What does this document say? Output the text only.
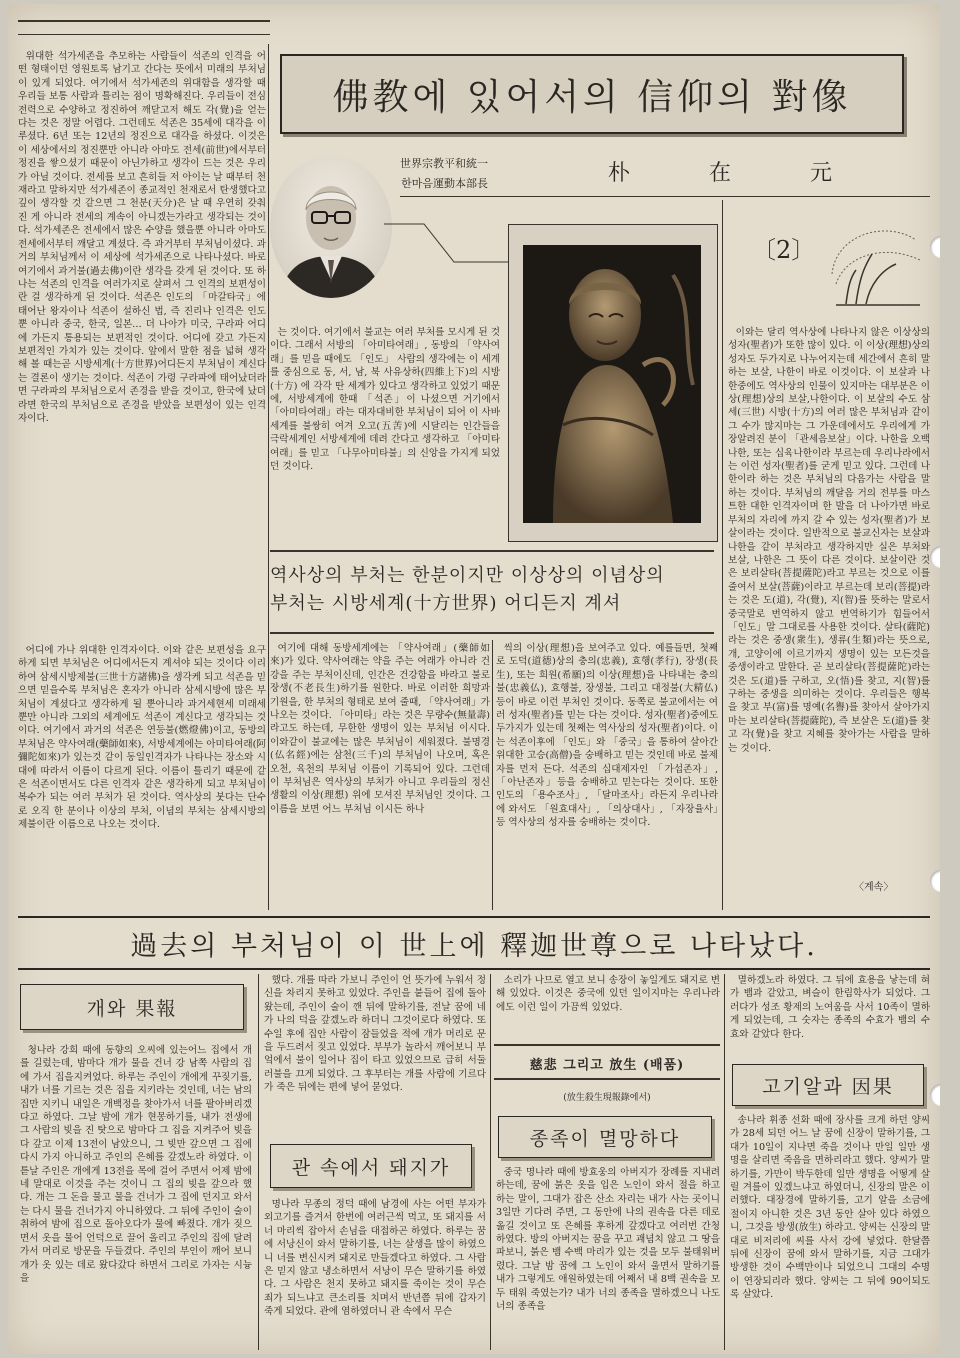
위대한 석가세존을 추모하는 사람들이 석존의 인격을 어떤 형태이던 영원토록 남기고 간다는 뜻에서 미래의 부처님이 있게 되었다. 여기에서 석가세존의 위대함을 생각할 때 우리들 보통 사람과 틀리는 점이 명확해진다. 우리들이 전심전력으로 수양하고 정진하여 깨닫고저 해도 각(覺)을 얻는다는 것은 정말 어렵다. 그런데도 석존은 35세에 대각을 이루셨다. 6년 또는 12년의 정진으로 대각을 하셨다. 이것은 이 세상에서의 정진뿐만 아니라 아마도 전세(前世)에서부터 정진을 쌓으셨기 때문이 아닌가하고 생각이 드는 것은 우리가 아닐 것이다. 전세를 보고 흔히들 저 아이는 날 때부터 천재라고 말하지만 석가세존이 종교적인 천재로서 탄생했다고 깊이 생각할 것 같으면 그 천분(天分)은 날 때 우연히 갖춰진 게 아니라 전세의 계속이 아니겠는가라고 생각되는 것이다. 석가세존은 전세에서 많은 수양을 했을뿐 아니라 아마도 전세에서부터 깨달고 계셨다. 즉 과거부터 부처님이셨다. 과거의 부처님께서 이 세상에 석가세존으로 나타나셨다. 바로 여기에서 과거불(過去佛)이란 생각을 갖게 된 것이다. 또 하나는 석존의 인격을 여러가지로 살펴서 그 인격의 보편성이란 걸 생각하게 된 것이다. 석존은 인도의 「마갈타국」에 태어난 왕자이나 석존이 설하신 법, 즉 진리나 인격은 인도뿐 아니라 중국, 한국, 일본… 더 나아가 미국, 구라파 어디에 가든지 통용되는 보편적인 것이다. 어디에 갖고 가든지 보편적인 가치가 있는 것이다. 앞에서 말한 점을 넓혀 생각해 볼 때는곧 시방세계(十方世界)어디든지 부처님이 계신다는 결론이 생기는 것이다. 석존이 가령 구라파에 태어났더라면 구라파의 부처님으로서 존경을 받을 것이고, 한국에 났더라면 한국의 부처님으로 존경을 받았을 보편성이 있는 인격자이다.

佛教에 있어서의 信仰의 對像
世界宗教平和統一
한마음運動本部長	朴 在 元
〔2〕

는 것이다. 여기에서 불교는 여러 부처를 모시게 된 것이다. 그래서 서방의 「아미타여래」, 동방의 「약사여래」를 믿을 때에도 「인도」 사람의 생각에는 이 세계를 중심으로 동, 서, 남, 북 사유상하(四維上下)의 시방(十方) 에 각각 딴 세계가 있다고 생각하고 있었기 때문에, 서방세계에 한때 「석존」이 나셨으면 거기에서 「아미타여래」라는 대자대비한 부처님이 되어 이 사바세계를 불쌍히 여겨 오고(五苦)에 시달리는 인간들을 극락세계인 서방세계에 데려 간다고 생각하고 「아미타여래」를 믿고 「나무아미타불」의 신앙을 가지게 되었던 것이다.

역사상의 부처는 한분이지만 이상상의 이념상의
부처는 시방세계(十方世界) 어디든지 계셔

이와는 달리 역사상에 나타나지 않은 이상상의 성자(聖者)가 또한 많이 있다. 이 이상(理想)상의 성자도 두가지로 나누어지는데 세간에서 흔히 말하는 보살, 나한이 바로 이것이다. 이 보살과 나한중에도 역사상의 인물이 있지마는 대부분은 이상(理想)상의 보살,나한이다. 이 보살의 수도 삼세(三世) 시방(十方)의 여러 많은 부처님과 같이 그 수가 많지마는 그 가운데에서도 우리에게 가장알려진 분이 「관세음보살」이다. 나한을 오백나한, 또는 십육나한이라 부르는데 우리나라에서는 이런 성자(聖者)를 굳게 믿고 있다. 그런데 나한이라 하는 것은 부처님의 다음가는 사람을 말하는 것이다. 부처님의 깨달음 거의 전부를 마스트한 대한 인격자이며 한 발을 더 나아가면 바로 부처의 자리에 까지 갈 수 있는 성자(聖者)가 보살이라는 것이다. 일반적으로 불교신자는 보살과 나한을 같이 부처라고 생각하지만 실은 부처와 보살, 나한은 그 뜻이 다른 것이다. 보살이란 것은 보리살타(菩提薩陀)라고 부르는 것으로 이를 줄여서 보살(菩薩)이라고 부르는데 보리(菩提)라는 것은 도(道), 각(覺), 지(智)를 뜻하는 말로서 중국말로 번역하지 않고 번역하기가 힘들어서 「인도」말 그대로를 사용한 것이다. 살타(薩陀)라는 것은 중생(衆生), 생류(生類)라는 뜻으로, 개, 고양이에 이르기까지 생명이 있는 모든것을 중생이라고 말한다. 곧 보리살타(菩提薩陀)라는 것은 도(道)를 구하고, 오(悟)를 찾고, 지(智)를 구하는 중생을 의미하는 것이다. 우리들은 행복을 찾고 부(富)를 명예(名譽)를 찾아서 살아가지마는 보리살타(菩提薩陀), 즉 보살은 도(道)를 찾고 각(覺)을 찾고 지혜를 찾아가는 사람을 말하는 것이다.

〈계속〉

어디에 가나 위대한 인격자이다. 이와 같은 보편성을 요구하게 되면 부처님은 어디에서든지 계셔야 되는 것이다 이리하여 삼세시방제불(三世十方諸佛)을 생각케 되고 석존을 믿으면 믿을수록 부처님은 혼자가 아니라 삼세시방에 많은 부처님이 계셨다고 생각하게 될 뿐아니라 과거세현세 미래세 뿐만 아니라 그외의 세계에도 석존이 계신다고 생각되는 것이다. 여기에서 과거의 석존은 연등불(燃燈佛)이고, 동방의 부처님은 약사여래(藥師如來), 서방세계에는 아미타여래(阿彌陀如來)가 있는것 같이 동일인격자가 나타나는 장소와 시대에 따라서 이름이 다르게 된다. 이름이 틀리기 때문에 같은 석존이면서도 다른 인격자 같은 생각하게 되고 부처님이 복수가 되는 여러 부처가 된 것이다. 역사상의 붓다는 단수로 오직 한 분이나 이상의 부처, 이념의 부처는 삼세시방의 제불이란 이름으로 나오는 것이다.

여기에 대해 동방세계에는 「약사여래」(藥師如來)가 있다. 약사여래는 약을 주는 여래가 아니라 건강을 주는 부처이신데, 인간은 건강함을 바라고 불로장생(不老長生)하기를 원한다. 바로 이러한 희망과 기원을, 한 부처의 형태로 보여 줄때, 「약사여래」가 나오는 것이다. 「아미타」라는 것은 무량수(無量壽)라고도 하는데, 무한한 생명이 있는 부처님 이시다. 이와같이 불교에는 많은 부처님이 세워졌다. 불명경(仏名經)에는 삼천(三千)의 부처님이 나오며, 혹은 오천, 육천의 부처님 이름이 기록되어 있다. 그런데 이 부처님은 역사상의 부처가 아니고 우리들의 정신생활의 이상(理想) 위에 모셔진 부처님인 것이다. 그 이름을 보면 어느 부처님 이시든 하나

씩의 이상(理想)을 보여주고 있다. 예를들면, 첫째로 도덕(道德)상의 충의(忠義), 효행(孝行), 장생(長生), 또는 희원(希願)의 이상(理想)을 나타내는 충의불(忠義仏), 효행불, 장생불, 그리고 대정불(大精仏)등이 바로 이런 부처인 것이다. 동쪽로 불교에서는 여러 성자(聖者)를 믿는 다는 것이다. 성자(聖者)중에도 두가지가 있는데 첫째는 역사상의 성자(聖者)이다. 이는 석존이후에 「인도」와 「중국」을 통하여 살아간 위대한 고승(高僧)을 숭배하고 믿는 것인데 바로 불제자를 먼저 든다. 석존의 십대제자인 「가섭존자」, 「아난존자」등을 숭배하고 믿는다는 것이다. 또한 인도의 「용수조사」, 「달마조사」라든지 우리나라에 와서도 「원효대사」, 「의상대사」, 「자장율사」등 역사상의 성자를 숭배하는 것이다.

過去의 부처님이 이 世上에 釋迦世尊으로 나타났다.
개와 果報

청나라 강희 때에 동향의 오씨에 있는어느 집에서 개를 길렀는데, 밤마다 개가 물을 건너 강 남쪽 사람의 집에 가서 집을지켜었다. 하루는 주인이 개에게 꾸짖기를, 내가 너를 기르는 것은 집을 지키라는 것인데, 너는 남의 집만 지키니 내일은 개백정을 찾아가서 너를 팔아버리겠다고 하였다. 그날 밤에 개가 현몽하기를, 내가 전생에 그 사람의 빚을 진 탓으로 밤마다 그 집을 지켜주어 빚을 다 갚고 이제 13전이 남았으니, 그 빚만 갚으면 그 집에 다시 가지 아니하고 주인의 은혜를 갚겠노라 하였다. 이튿날 주인은 개에게 13전을 목에 걸어 주면서 어제 밤에 네 말대로 이것을 주는 것이니 그 집의 빚을 갚으라 했다. 개는 그 돈을 물고 물을 건너가 그 집에 던지고 와서는 다시 물을 건너가지 아니하였다. 그 뒤에 주인이 술이 취하여 밤에 집으로 돌아오다가 물에 빠졌다. 개가 짖으면서 옷을 물어 언덕으로 끌어 올리고 주인의 집에 달려가서 머리로 방문을 두들겼다. 주인의 부인이 깨어 보니 개가 옷 있는 데로 왔다갔다 하면서 그리로 가자는 시늉을

했다. 개를 따라 가보니 주인이 언 뜻가에 누워서 정신을 차리지 못하고 있었다. 주인을 붙들어 집에 돌아왔는데, 주인이 술이 깬 뒤에 말하기를, 전날 꿈에 네가 나의 덕을 갚겠노라 하더니 그것이로다 하였다. 또 수일 후에 집안 사람이 잠들었을 적에 개가 머리로 문을 두드려서 짖고 있었다. 부부가 놀라서 깨어보니 부엌에서 불이 일어나 집이 타고 있었으므로 급히 서둘러불을 끄게 되었다. 그 후부터는 개를 사람에 기르다가 죽은 뒤에는 편에 넣어 묻었다.

관 속에서 돼지가

명나라 무종의 정덕 때에 남경에 사는 어떤 부자가 외고기를 즐겨서 한번에 여러근씩 먹고, 또 돼지를 서너 마리씩 잡아서 손님을 대접하곤 하였다. 하루는 꿈에 서낭신이 와서 말하기를, 너는 살생을 많이 하였으니 너를 변신시켜 돼지로 만들겠다고 하였다. 그 사람은 믿지 않고 냉소하면서 서낭이 무슨 말하기를 하였다. 그 사람은 천지 못하고 돼지를 죽이는 것이 무슨 죄가 되느냐고 큰소리를 치며서 반년쯤 뒤에 갑자기 죽게 되었다. 관에 염하였더니 관 속에서 무슨

소리가 나므로 열고 보니 송장이 놓일게도 돼지로 변해 있었다. 이것은 중국에 있던 일이지마는 우리나라에도 이런 일이 가끔씩 있었다.

慈悲 그리고 放生 (배품)
(放生殺生現報錄에서)
종족이 멸망하다

중국 명나라 때에 방효웅의 아버지가 장례를 지내려 하는데, 꿈에 붉은 옷을 입은 노인이 와서 절을 하고 하는 말이, 그대가 잡은 산소 자리는 내가 사는 곳이니 3일만 기다려 주면, 그 동안에 나의 권속을 다른 데로 옮길 것이고 또 은혜를 후하게 갚겠다고 여러번 간청하였다. 방의 아버지는 꿈을 꾸고 괘념치 않고 그 땅을 파보니, 붉은 뱀 수백 마리가 있는 것을 모두 불태워버렸다. 그날 밤 꿈에 그 노인이 와서 울면서 말하기를 내가 그렇게도 애원하였는데 어째서 내 8백 권속을 모두 태워 죽였는가? 내가 너의 종족을 멸하겠으니 나도 너의 종족을

멸하겠노라 하였다. 그 뒤에 효용을 낳는데 혀가 뱀과 같았고, 벼슬이 한림학사가 되었다. 그러다가 성조 황제의 노여움을 사서 10족이 멸하게 되었는데, 그 숫자는 종족의 수효가 뱀의 수효와 같았다 한다.

고기알과 因果

송나라 휘종 선화 때에 장사를 크게 하던 양씨가 28세 되던 어느 날 꿈에 신장이 말하기를, 그대가 10일이 지나면 죽을 것이나 만일 일만 생명을 살리면 죽음을 면하리라고 했다. 양씨가 말하기를, 가만이 박두한데 일만 생명을 어떻게 살릴 겨를이 있겠느냐고 하였더니, 신장의 말은 이러했다. 대장경에 말하기를, 고기 알을 소금에 절이지 아니한 것은 3년 동안 살아 있다 하였으니, 그것을 방생(放生) 하라고. 양씨는 신장의 말대로 비저리에 씨를 사서 강에 넣었다. 한달쯤 뒤에 신장이 꿈에 와서 말하기를, 지금 그대가 방생한 것이 수백만이나 되었으니 그대의 수명이 연장되리라 했다. 양씨는 그 뒤에 90이되도록 살았다.
